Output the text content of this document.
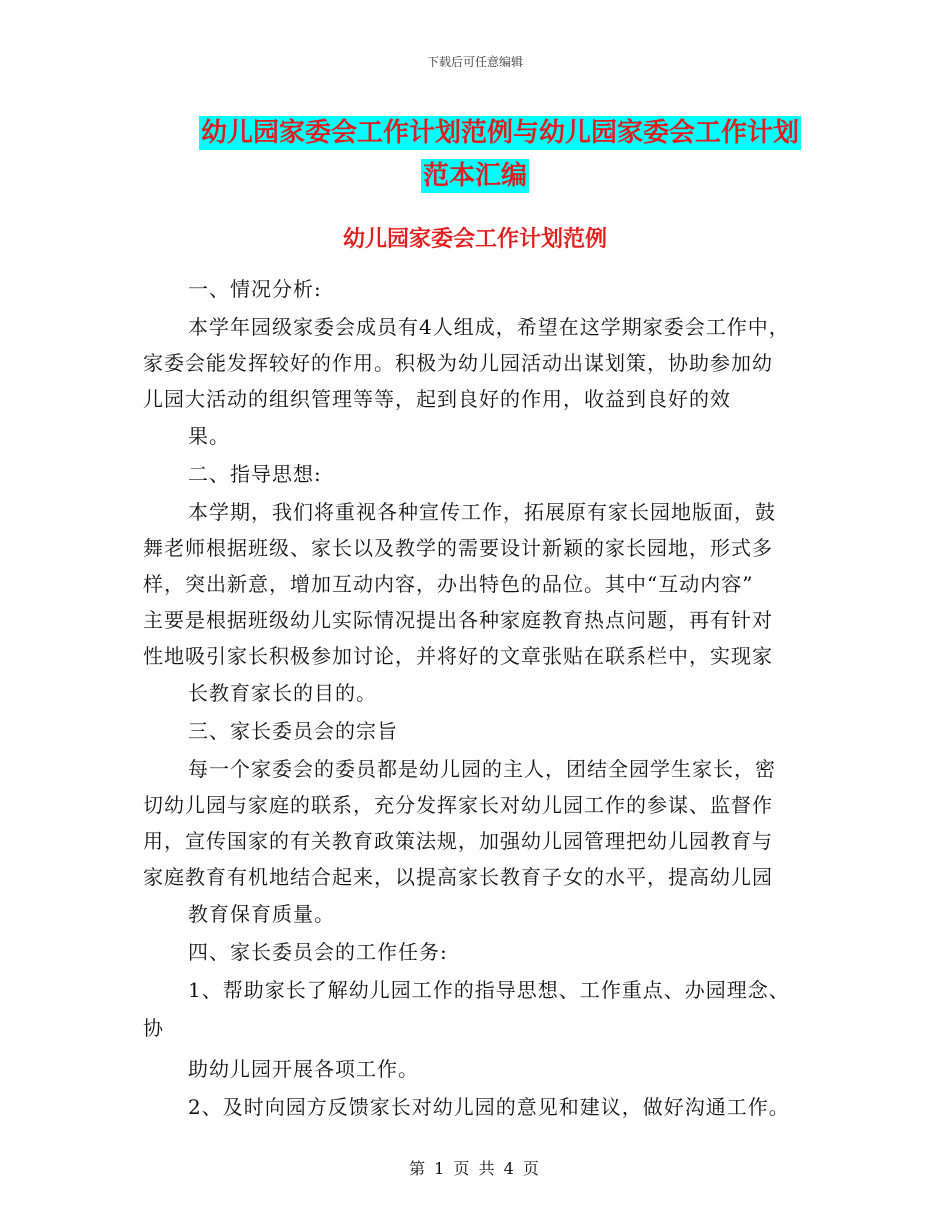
下载后可任意编辑
幼儿园家委会工作计划范例与幼儿园家委会工作计划
范本汇编
幼儿园家委会工作计划范例
一、情况分析:
本学年园级家委会成员有4人组成，希望在这学期家委会工作中，
家委会能发挥较好的作用。积极为幼儿园活动出谋划策，协助参加幼
儿园大活动的组织管理等等，起到良好的作用，收益到良好的效
果。
二、指导思想:
本学期，我们将重视各种宣传工作，拓展原有家长园地版面，鼓
舞老师根据班级、家长以及教学的需要设计新颖的家长园地，形式多
样，突出新意，增加互动内容，办出特色的品位。其中“互动内容”
主要是根据班级幼儿实际情况提出各种家庭教育热点问题，再有针对
性地吸引家长积极参加讨论，并将好的文章张贴在联系栏中，实现家
长教育家长的目的。
三、家长委员会的宗旨
每一个家委会的委员都是幼儿园的主人，团结全园学生家长，密
切幼儿园与家庭的联系，充分发挥家长对幼儿园工作的参谋、监督作
用，宣传国家的有关教育政策法规，加强幼儿园管理把幼儿园教育与
家庭教育有机地结合起来，以提高家长教育子女的水平，提高幼儿园
教育保育质量。
四、家长委员会的工作任务:
1、帮助家长了解幼儿园工作的指导思想、工作重点、办园理念、
协
助幼儿园开展各项工作。
2、及时向园方反馈家长对幼儿园的意见和建议，做好沟通工作。
第 1 页 共 4 页
